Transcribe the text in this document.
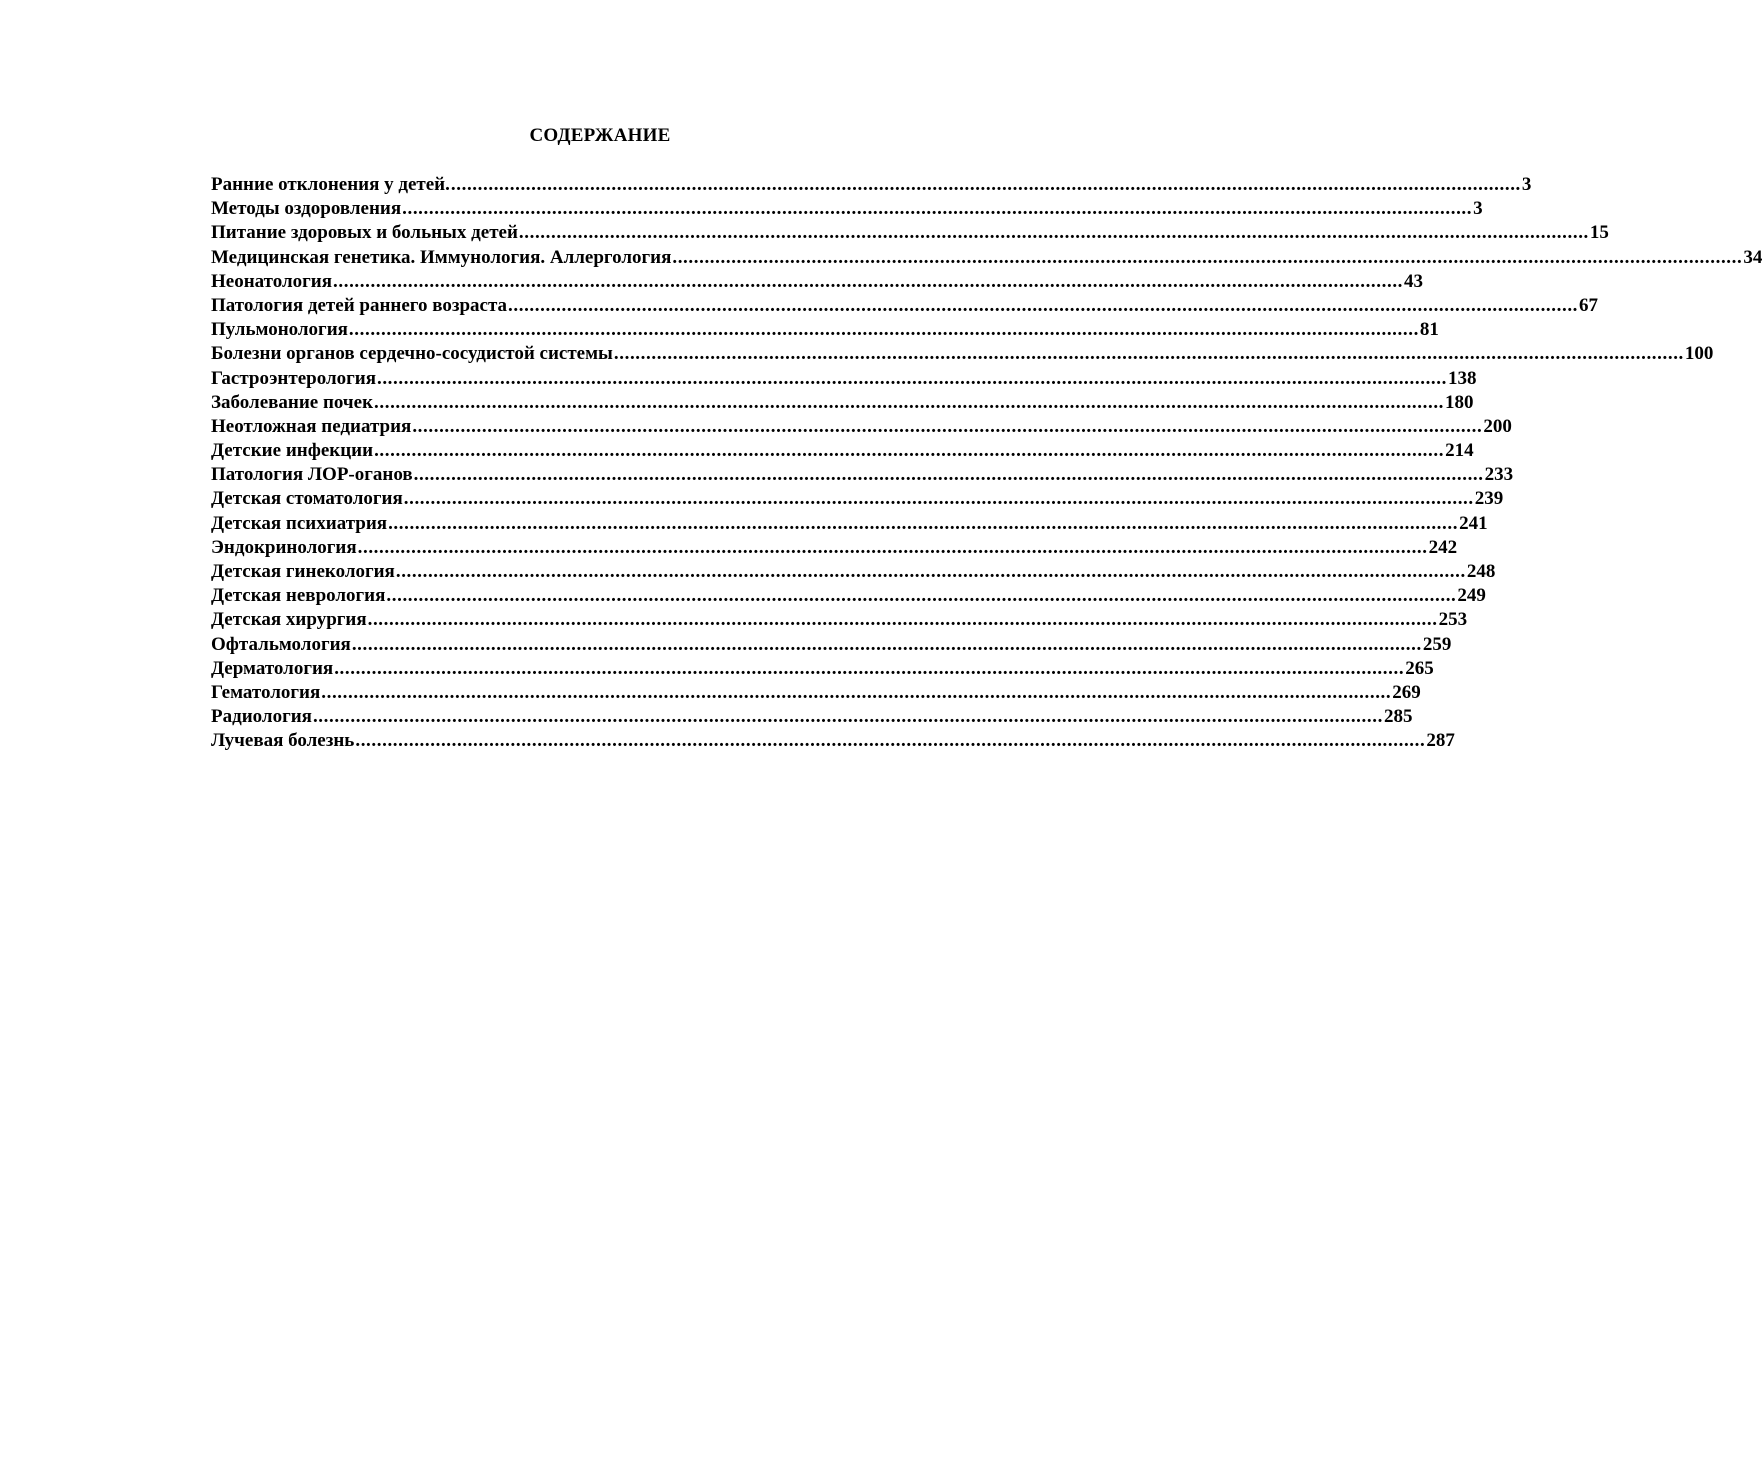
СОДЕРЖАНИЕ
Ранние отклонения у детей. ........................................................................................................................................................................................................ 3
Методы оздоровления ........................................................................................................................................................................................................ 3
Питание здоровых и больных детей ........................................................................................................................................................................................................ 15
Медицинская генетика. Иммунология. Аллергология ........................................................................................................................................................................................................ 34
Неонатология ........................................................................................................................................................................................................ 43
Патология детей раннего возраста ........................................................................................................................................................................................................ 67
Пульмонология ........................................................................................................................................................................................................ 81
Болезни органов сердечно-сосудистой системы ........................................................................................................................................................................................................ 100
Гастроэнтерология ........................................................................................................................................................................................................ 138
Заболевание почек ........................................................................................................................................................................................................ 180
Неотложная педиатрия ........................................................................................................................................................................................................ 200
Детские инфекции ........................................................................................................................................................................................................ 214
Патология ЛОР-оганов ........................................................................................................................................................................................................ 233
Детская стоматология ........................................................................................................................................................................................................ 239
Детская психиатрия ........................................................................................................................................................................................................ 241
Эндокринология ........................................................................................................................................................................................................ 242
Детская гинекология ........................................................................................................................................................................................................ 248
Детская неврология ........................................................................................................................................................................................................ 249
Детская хирургия ........................................................................................................................................................................................................ 253
Офтальмология ........................................................................................................................................................................................................ 259
Дерматология ........................................................................................................................................................................................................ 265
Гематология ........................................................................................................................................................................................................ 269
Радиология ........................................................................................................................................................................................................ 285
Лучевая болезнь ........................................................................................................................................................................................................ 287
